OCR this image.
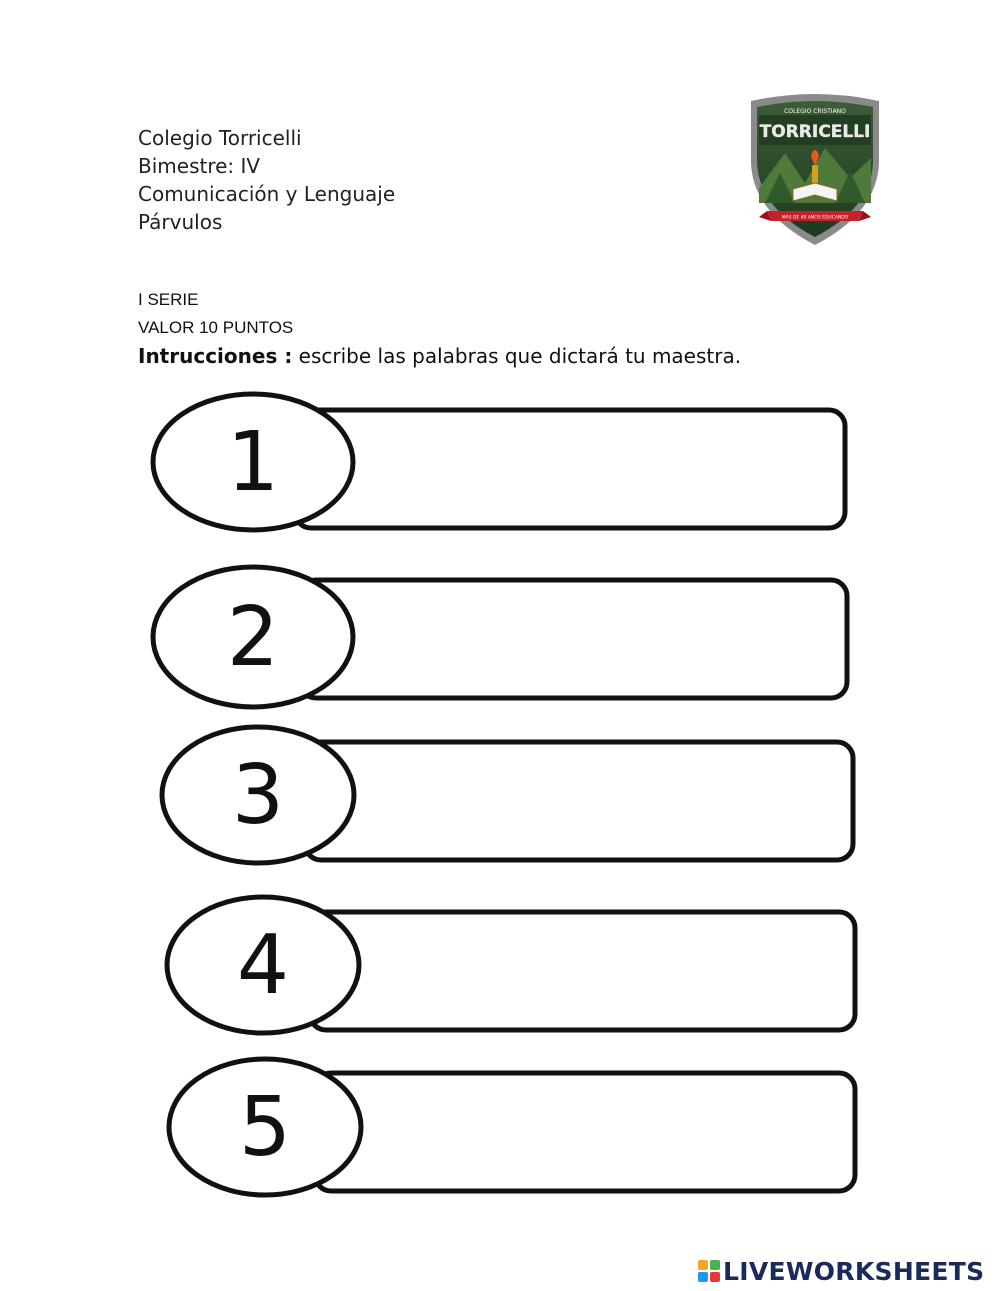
Colegio Torricelli
Bimestre: IV
Comunicación y Lenguaje
Párvulos
COLEGIO CRISTIANO
TORRICELLI
MÁS DE 40 AÑOS EDUCANDO
I SERIE
VALOR 10 PUNTOS
Intrucciones : escribe las palabras que dictará tu maestra.
1
2
3
4
5
LIVEWORKSHEETS
